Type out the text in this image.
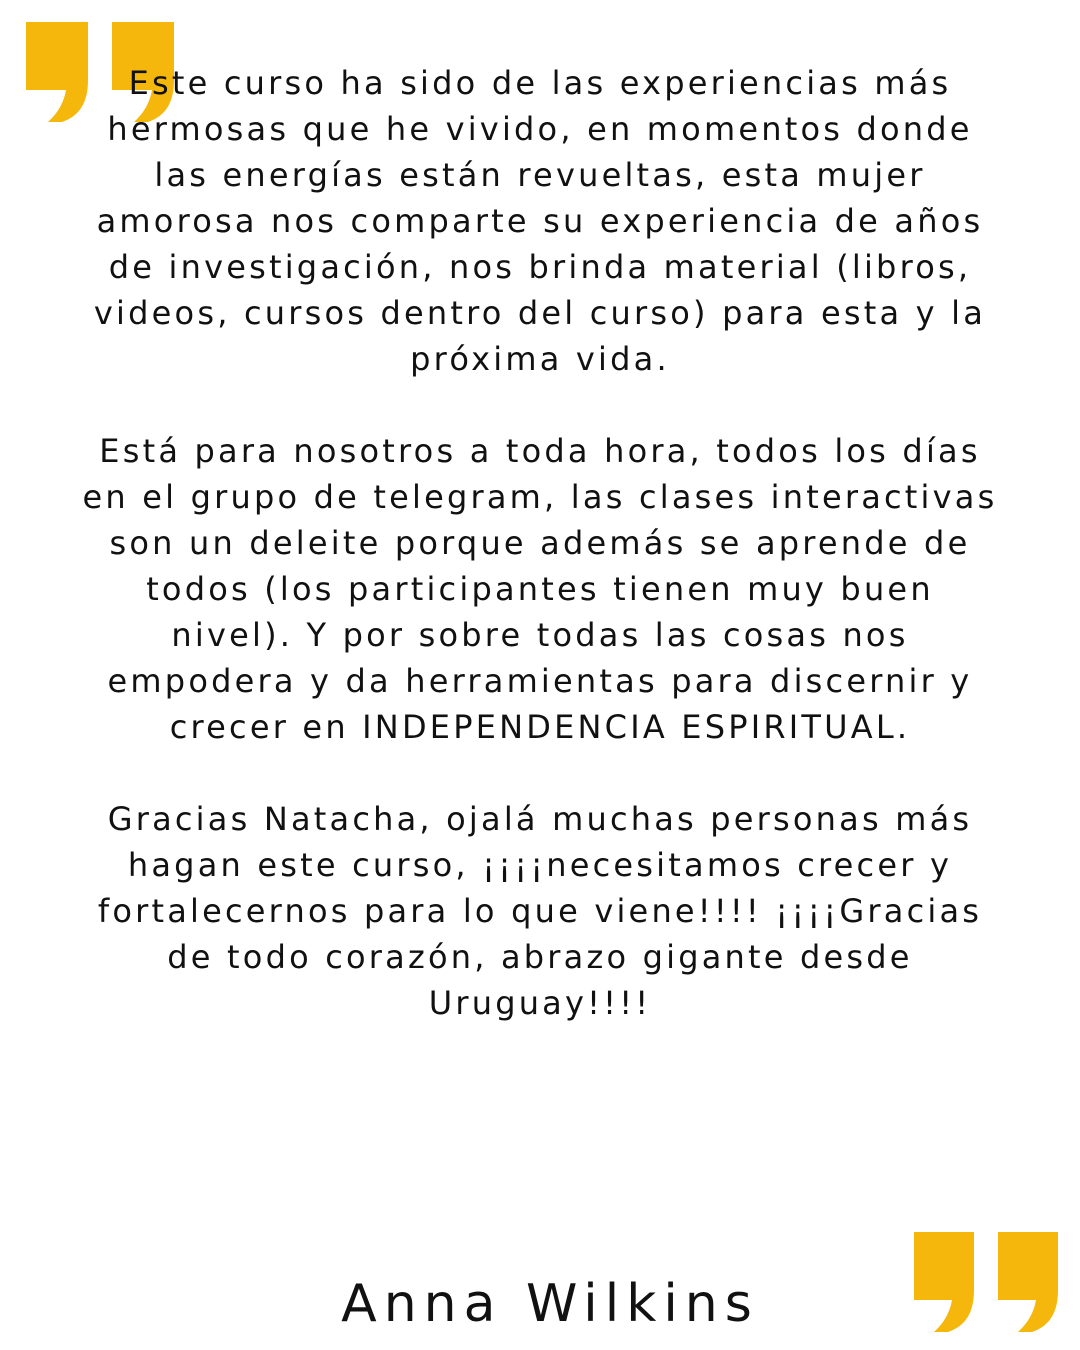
Este curso ha sido de las experiencias más hermosas que he vivido, en momentos donde las energías están revueltas, esta mujer amorosa nos comparte su experiencia de años de investigación, nos brinda material (libros, videos, cursos dentro del curso) para esta y la próxima vida.

Está para nosotros a toda hora, todos los días en el grupo de telegram, las clases interactivas son un deleite porque además se aprende de todos (los participantes tienen muy buen nivel). Y por sobre todas las cosas nos empodera y da herramientas para discernir y crecer en INDEPENDENCIA ESPIRITUAL.

Gracias Natacha, ojalá muchas personas más hagan este curso, ¡¡¡¡necesitamos crecer y fortalecernos para lo que viene!!!! ¡¡¡¡Gracias de todo corazón, abrazo gigante desde Uruguay!!!!

Anna Wilkins
